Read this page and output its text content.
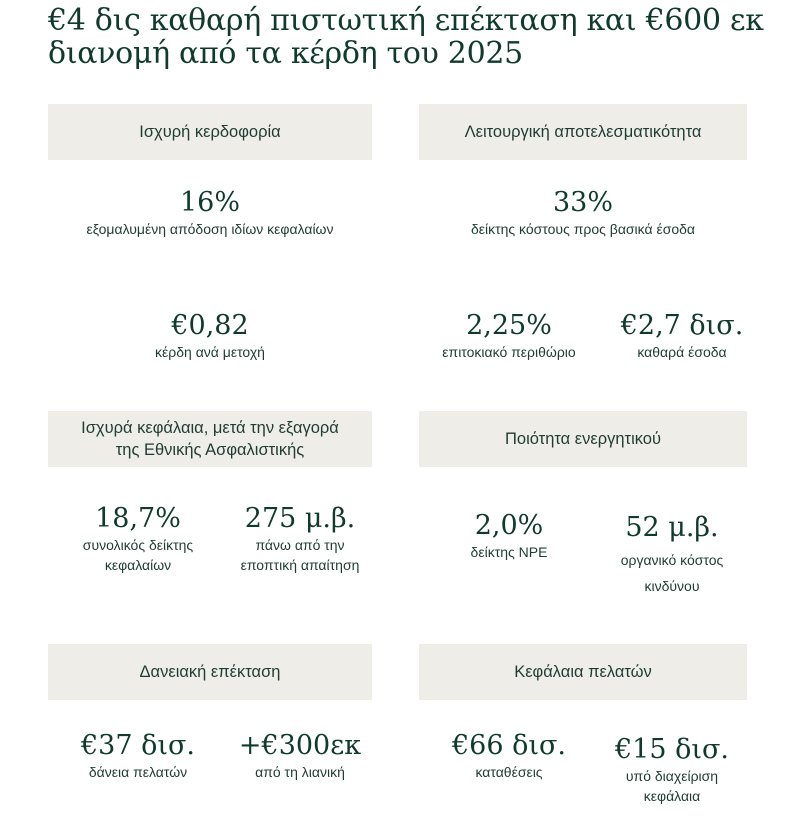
€4 δις καθαρή πιστωτική επέκταση και €600 εκ διανομή από τα κέρδη του 2025
Ισχυρή κερδοφορία
16%
εξομαλυμένη απόδοση ιδίων κεφαλαίων
€0,82
κέρδη ανά μετοχή
Λειτουργική αποτελεσματικότητα
33%
δείκτης κόστους προς βασικά έσοδα
2,25%
επιτοκιακό περιθώριο
€2,7 δισ.
καθαρά έσοδα
Ισχυρά κεφάλαια, μετά την εξαγορά
της Εθνικής Ασφαλιστικής
18,7%
συνολικός δείκτης
κεφαλαίων
275 μ.β.
πάνω από την
εποπτική απαίτηση
Ποιότητα ενεργητικού
2,0%
δείκτης NPE
52 μ.β.
οργανικό κόστος
κινδύνου
Δανειακή επέκταση
€37 δισ.
δάνεια πελατών
+€300εκ
από τη λιανική
Κεφάλαια πελατών
€66 δισ.
καταθέσεις
€15 δισ.
υπό διαχείριση
κεφάλαια
